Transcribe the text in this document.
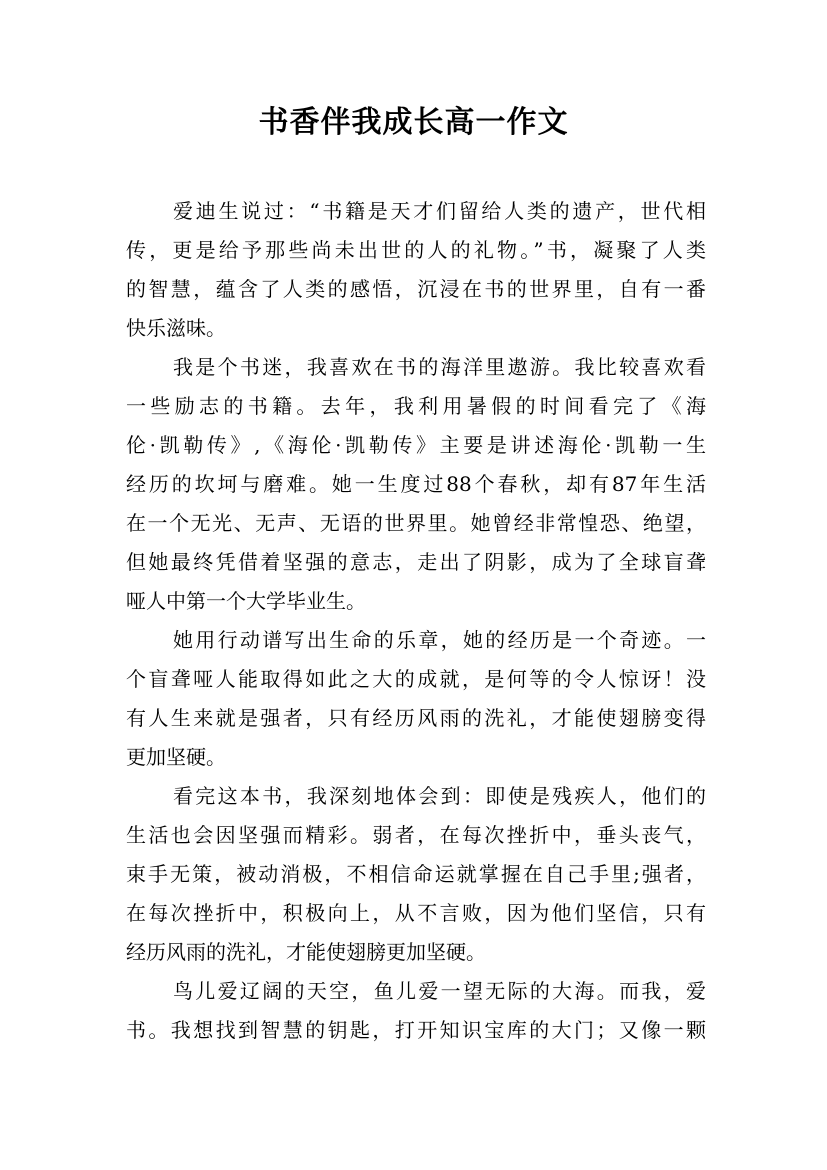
书香伴我成长高一作文
爱迪生说过：“书籍是天才们留给人类的遗产，世代相
传，更是给予那些尚未出世的人的礼物。”书，凝聚了人类
的智慧，蕴含了人类的感悟，沉浸在书的世界里，自有一番
快乐滋味。
我是个书迷，我喜欢在书的海洋里遨游。我比较喜欢看
一些励志的书籍。去年，我利用暑假的时间看完了《海
伦·凯勒传》,《海伦·凯勒传》主要是讲述海伦·凯勒一生
经历的坎坷与磨难。她一生度过88个春秋，却有87年生活
在一个无光、无声、无语的世界里。她曾经非常惶恐、绝望，
但她最终凭借着坚强的意志，走出了阴影，成为了全球盲聋
哑人中第一个大学毕业生。
她用行动谱写出生命的乐章，她的经历是一个奇迹。一
个盲聋哑人能取得如此之大的成就，是何等的令人惊讶！没
有人生来就是强者，只有经历风雨的洗礼，才能使翅膀变得
更加坚硬。
看完这本书，我深刻地体会到：即使是残疾人，他们的
生活也会因坚强而精彩。弱者，在每次挫折中，垂头丧气，
束手无策，被动消极，不相信命运就掌握在自己手里;强者，
在每次挫折中，积极向上，从不言败，因为他们坚信，只有
经历风雨的洗礼，才能使翅膀更加坚硬。
鸟儿爱辽阔的天空，鱼儿爱一望无际的大海。而我，爱
书。我想找到智慧的钥匙，打开知识宝库的大门；又像一颗
